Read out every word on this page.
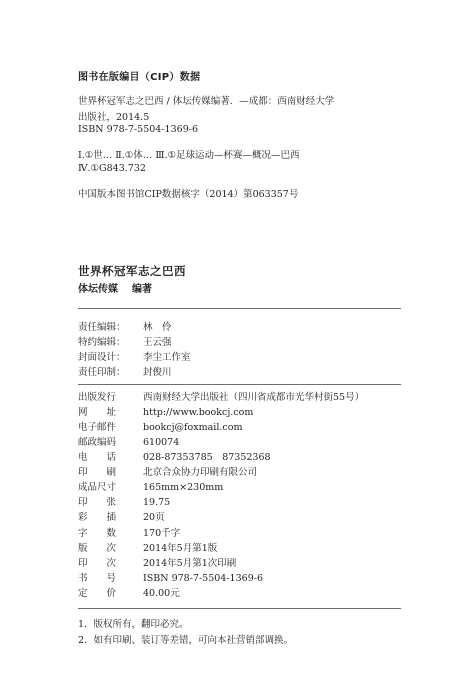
图书在版编目（CIP）数据
世界杯冠军志之巴西 / 体坛传媒编著．—成都：西南财经大学
出版社，2014.5
ISBN 978-7-5504-1369-6
Ⅰ.①世… Ⅱ.①体… Ⅲ.①足球运动—杯赛—概况—巴西
Ⅳ.①G843.732
中国版本图书馆CIP数据核字（2014）第063357号
世界杯冠军志之巴西
体坛传媒 编著
责任编辑： 林　伶
特约编辑： 王云强
封面设计： 李尘工作室
责任印制： 封俊川
出版发行	西南财经大学出版社（四川省成都市光华村街55号）
网　　址	http://www.bookcj.com
电子邮件	bookcj@foxmail.com
邮政编码	610074
电　　话	028-87353785　87352368
印　　刷	北京合众协力印刷有限公司
成品尺寸	165mm×230mm
印　　张	19.75
彩　　插	20页
字　　数	170千字
版　　次	2014年5月第1版
印　　次	2014年5月第1次印刷
书　　号	ISBN 978-7-5504-1369-6
定　　价	40.00元
1．版权所有，翻印必究。
2．如有印刷、装订等差错，可向本社营销部调换。
